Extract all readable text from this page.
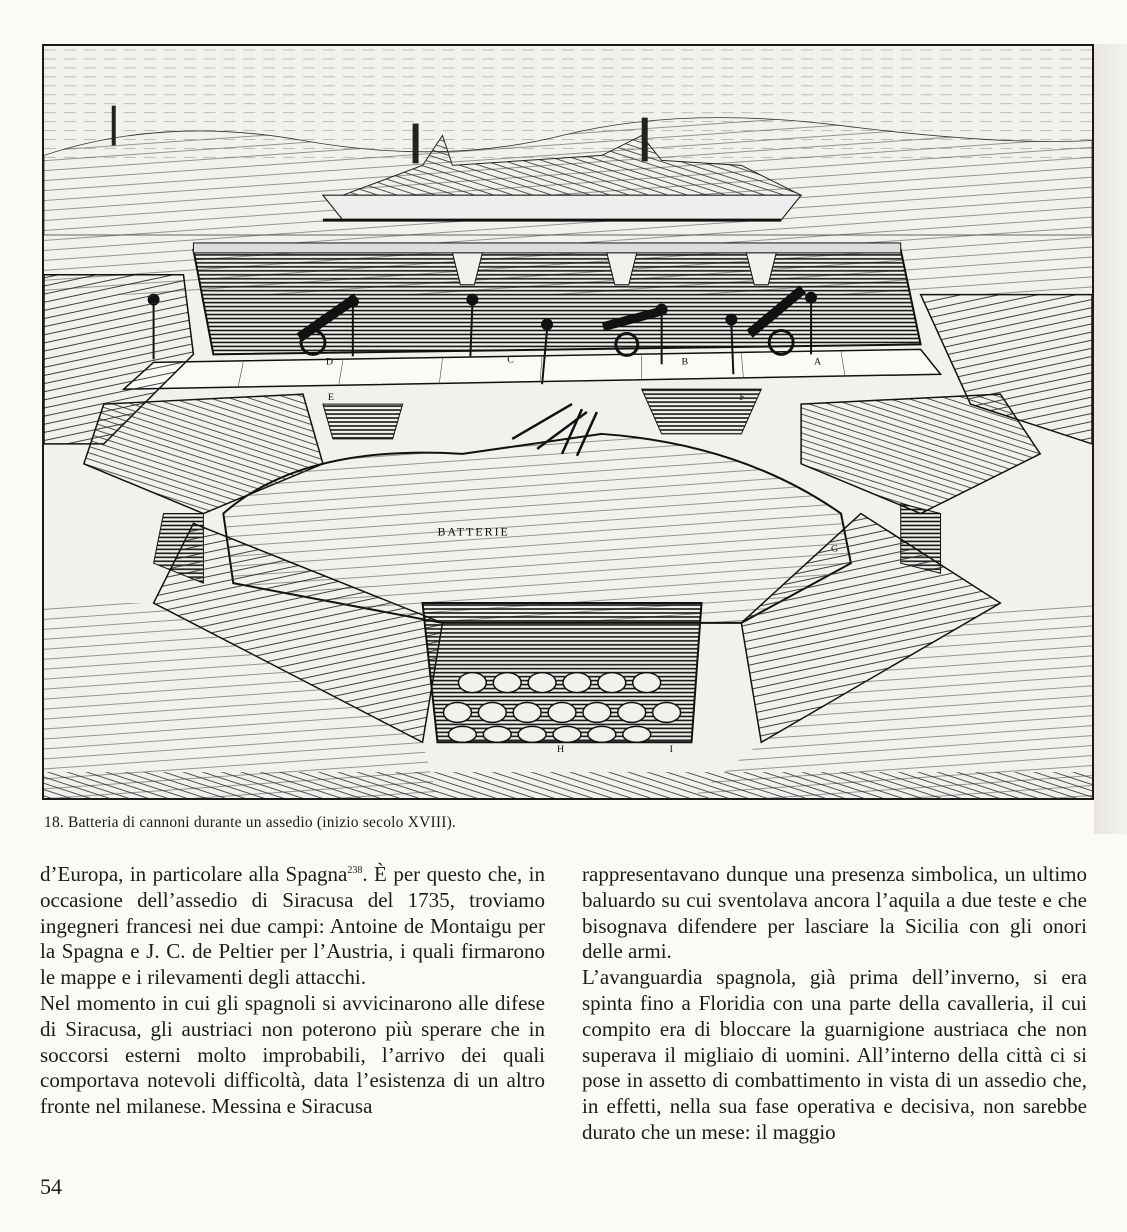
BATTERIE
A
B
C
D
E	F
G
H	I
18. Batteria di cannoni durante un assedio (inizio secolo XVIII).

d’Europa, in particolare alla Spagna$^{238}$. È per questo che, in occasione dell’assedio di Siracusa del 1735, troviamo ingegneri francesi nei due campi: Antoine de Montaigu per la Spagna e J. C. de Peltier per l’Austria, i quali firmarono le mappe e i rilevamenti degli attacchi.

Nel momento in cui gli spagnoli si avvicinarono alle difese di Siracusa, gli austriaci non poterono più sperare che in soccorsi esterni molto improbabili, l’arrivo dei quali comportava notevoli difficoltà, data l’esistenza di un altro fronte nel milanese. Messina e Siracusa

rappresentavano dunque una presenza simbolica, un ultimo baluardo su cui sventolava ancora l’aquila a due teste e che bisognava difendere per lasciare la Sicilia con gli onori delle armi.

L’avanguardia spagnola, già prima dell’inverno, si era spinta fino a Floridia con una parte della cavalleria, il cui compito era di bloccare la guarnigione austriaca che non superava il migliaio di uomini. All’interno della città ci si pose in assetto di combattimento in vista di un assedio che, in effetti, nella sua fase operativa e decisiva, non sarebbe durato che un mese: il maggio

54
